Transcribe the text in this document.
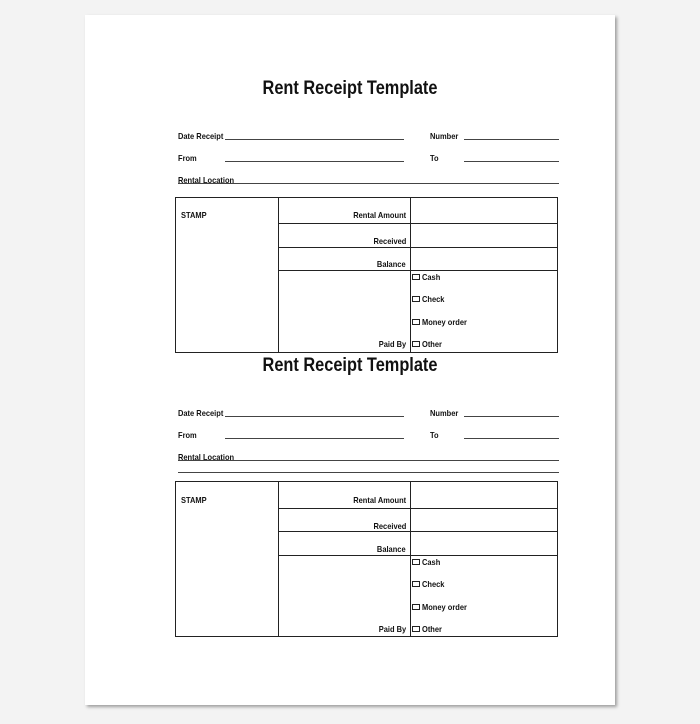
Rent Receipt Template
Date Receipt	Number
From	To
Rental Location
STAMP	Rental Amount
Received
Balance
Paid By
Cash
Check
Money order
Other
Rent Receipt Template
Date Receipt	Number
From	To
Rental Location
STAMP	Rental Amount
Received
Balance
Paid By
Cash
Check
Money order
Other
